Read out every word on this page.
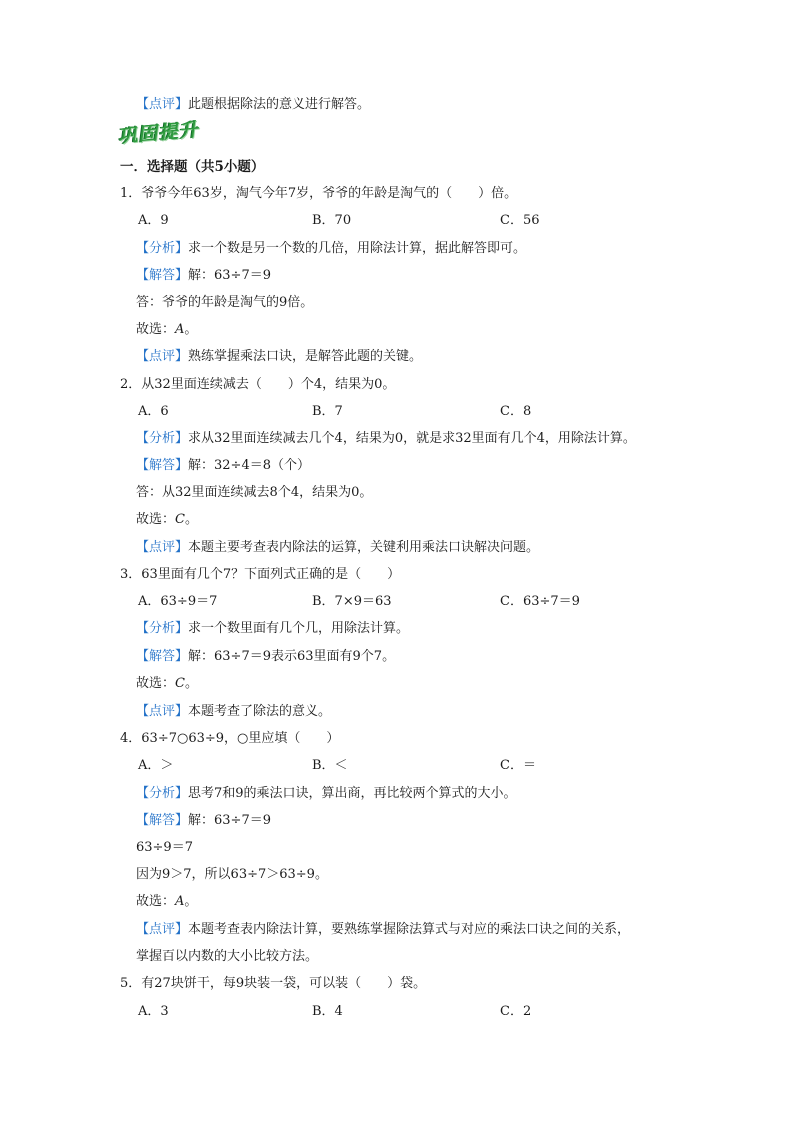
【点评】此题根据除法的意义进行解答。
巩固提升
一．选择题（共5小题）
1．爷爷今年63岁，淘气今年7岁，爷爷的年龄是淘气的（　　）倍。
A．9	B．70	C．56
【分析】求一个数是另一个数的几倍，用除法计算，据此解答即可。
【解答】解：63÷7＝9
答：爷爷的年龄是淘气的9倍。
故选：A。
【点评】熟练掌握乘法口诀，是解答此题的关键。
2．从32里面连续减去（　　）个4，结果为0。
A．6	B．7	C．8
【分析】求从32里面连续减去几个4，结果为0，就是求32里面有几个4，用除法计算。
【解答】解：32÷4＝8（个）
答：从32里面连续减去8个4，结果为0。
故选：C。
【点评】本题主要考查表内除法的运算，关键利用乘法口诀解决问题。
3．63里面有几个7？下面列式正确的是（　　）
A．63÷9＝7	B．7×9＝63	C．63÷7＝9
【分析】求一个数里面有几个几，用除法计算。
【解答】解：63÷7＝9表示63里面有9个7。
故选：C。
【点评】本题考查了除法的意义。
4．63÷7○63÷9，○里应填（　　）
A．＞	B．＜	C．＝
【分析】思考7和9的乘法口诀，算出商，再比较两个算式的大小。
【解答】解：63÷7＝9
63÷9＝7
因为9＞7，所以63÷7＞63÷9。
故选：A。
【点评】本题考查表内除法计算，要熟练掌握除法算式与对应的乘法口诀之间的关系，
掌握百以内数的大小比较方法。
5．有27块饼干，每9块装一袋，可以装（　　）袋。
A．3	B．4	C．2
